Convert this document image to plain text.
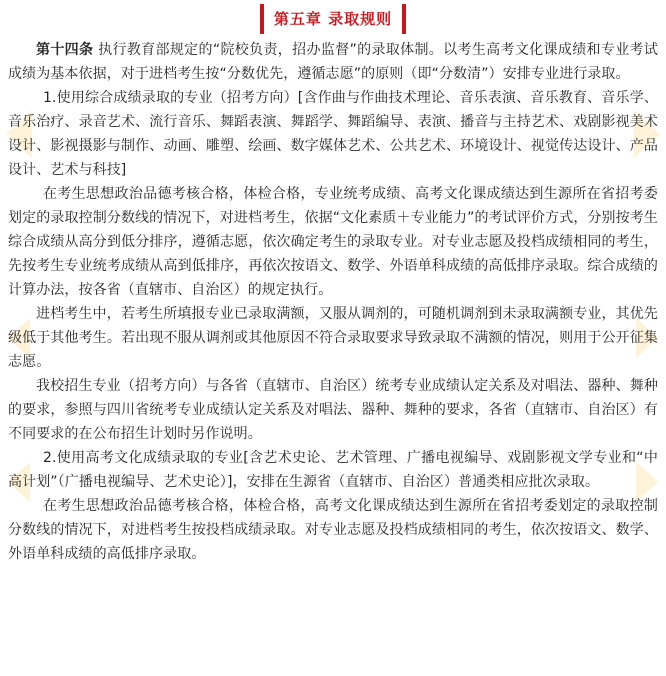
第五章 录取规则

第十四条 执行教育部规定的“院校负责，招办监督”的录取体制。以考生高考文化课成绩和专业考试成绩为基本依据，对于进档考生按“分数优先，遵循志愿”的原则（即“分数清”）安排专业进行录取。

1.使用综合成绩录取的专业（招考方向）[含作曲与作曲技术理论、音乐表演、音乐教育、音乐学、音乐治疗、录音艺术、流行音乐、舞蹈表演、舞蹈学、舞蹈编导、表演、播音与主持艺术、戏剧影视美术设计、影视摄影与制作、动画、雕塑、绘画、数字媒体艺术、公共艺术、环境设计、视觉传达设计、产品设计、艺术与科技]

在考生思想政治品德考核合格，体检合格，专业统考成绩、高考文化课成绩达到生源所在省招考委划定的录取控制分数线的情况下，对进档考生，依据“文化素质＋专业能力”的考试评价方式，分别按考生综合成绩从高分到低分排序，遵循志愿，依次确定考生的录取专业。对专业志愿及投档成绩相同的考生，先按考生专业统考成绩从高到低排序，再依次按语文、数学、外语单科成绩的高低排序录取。综合成绩的计算办法，按各省（直辖市、自治区）的规定执行。

进档考生中，若考生所填报专业已录取满额，又服从调剂的，可随机调剂到未录取满额专业，其优先级低于其他考生。若出现不服从调剂或其他原因不符合录取要求导致录取不满额的情况，则用于公开征集志愿。

我校招生专业（招考方向）与各省（直辖市、自治区）统考专业成绩认定关系及对唱法、器种、舞种的要求，参照与四川省统考专业成绩认定关系及对唱法、器种、舞种的要求，各省（直辖市、自治区）有不同要求的在公布招生计划时另作说明。

2.使用高考文化成绩录取的专业[含艺术史论、艺术管理、广播电视编导、戏剧影视文学专业和“中高计划”（广播电视编导、艺术史论）]，安排在生源省（直辖市、自治区）普通类相应批次录取。

在考生思想政治品德考核合格，体检合格，高考文化课成绩达到生源所在省招考委划定的录取控制分数线的情况下，对进档考生按投档成绩录取。对专业志愿及投档成绩相同的考生，依次按语文、数学、外语单科成绩的高低排序录取。
